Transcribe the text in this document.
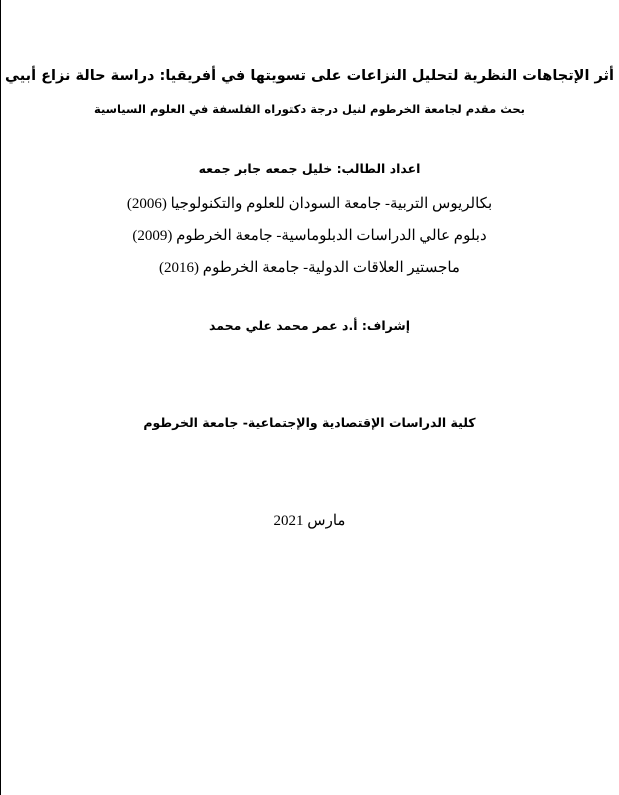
أثر الإتجاهات النظرية لتحليل النزاعات على تسويتها في أفريقيا: دراسة حالة نزاع أبيي
بحث مقدم لجامعة الخرطوم لنيل درجة دكتوراه الفلسفة في العلوم السياسية
اعداد الطالب: خليل جمعه جابر جمعه
بكالريوس التربية- جامعة السودان للعلوم والتكنولوجيا (2006)
دبلوم عالي الدراسات الدبلوماسية- جامعة الخرطوم (2009)
ماجستير العلاقات الدولية- جامعة الخرطوم (2016)
إشراف: أ.د عمر محمد علي محمد
كلية الدراسات الإقتصادية والإجتماعية- جامعة الخرطوم
مارس 2021
